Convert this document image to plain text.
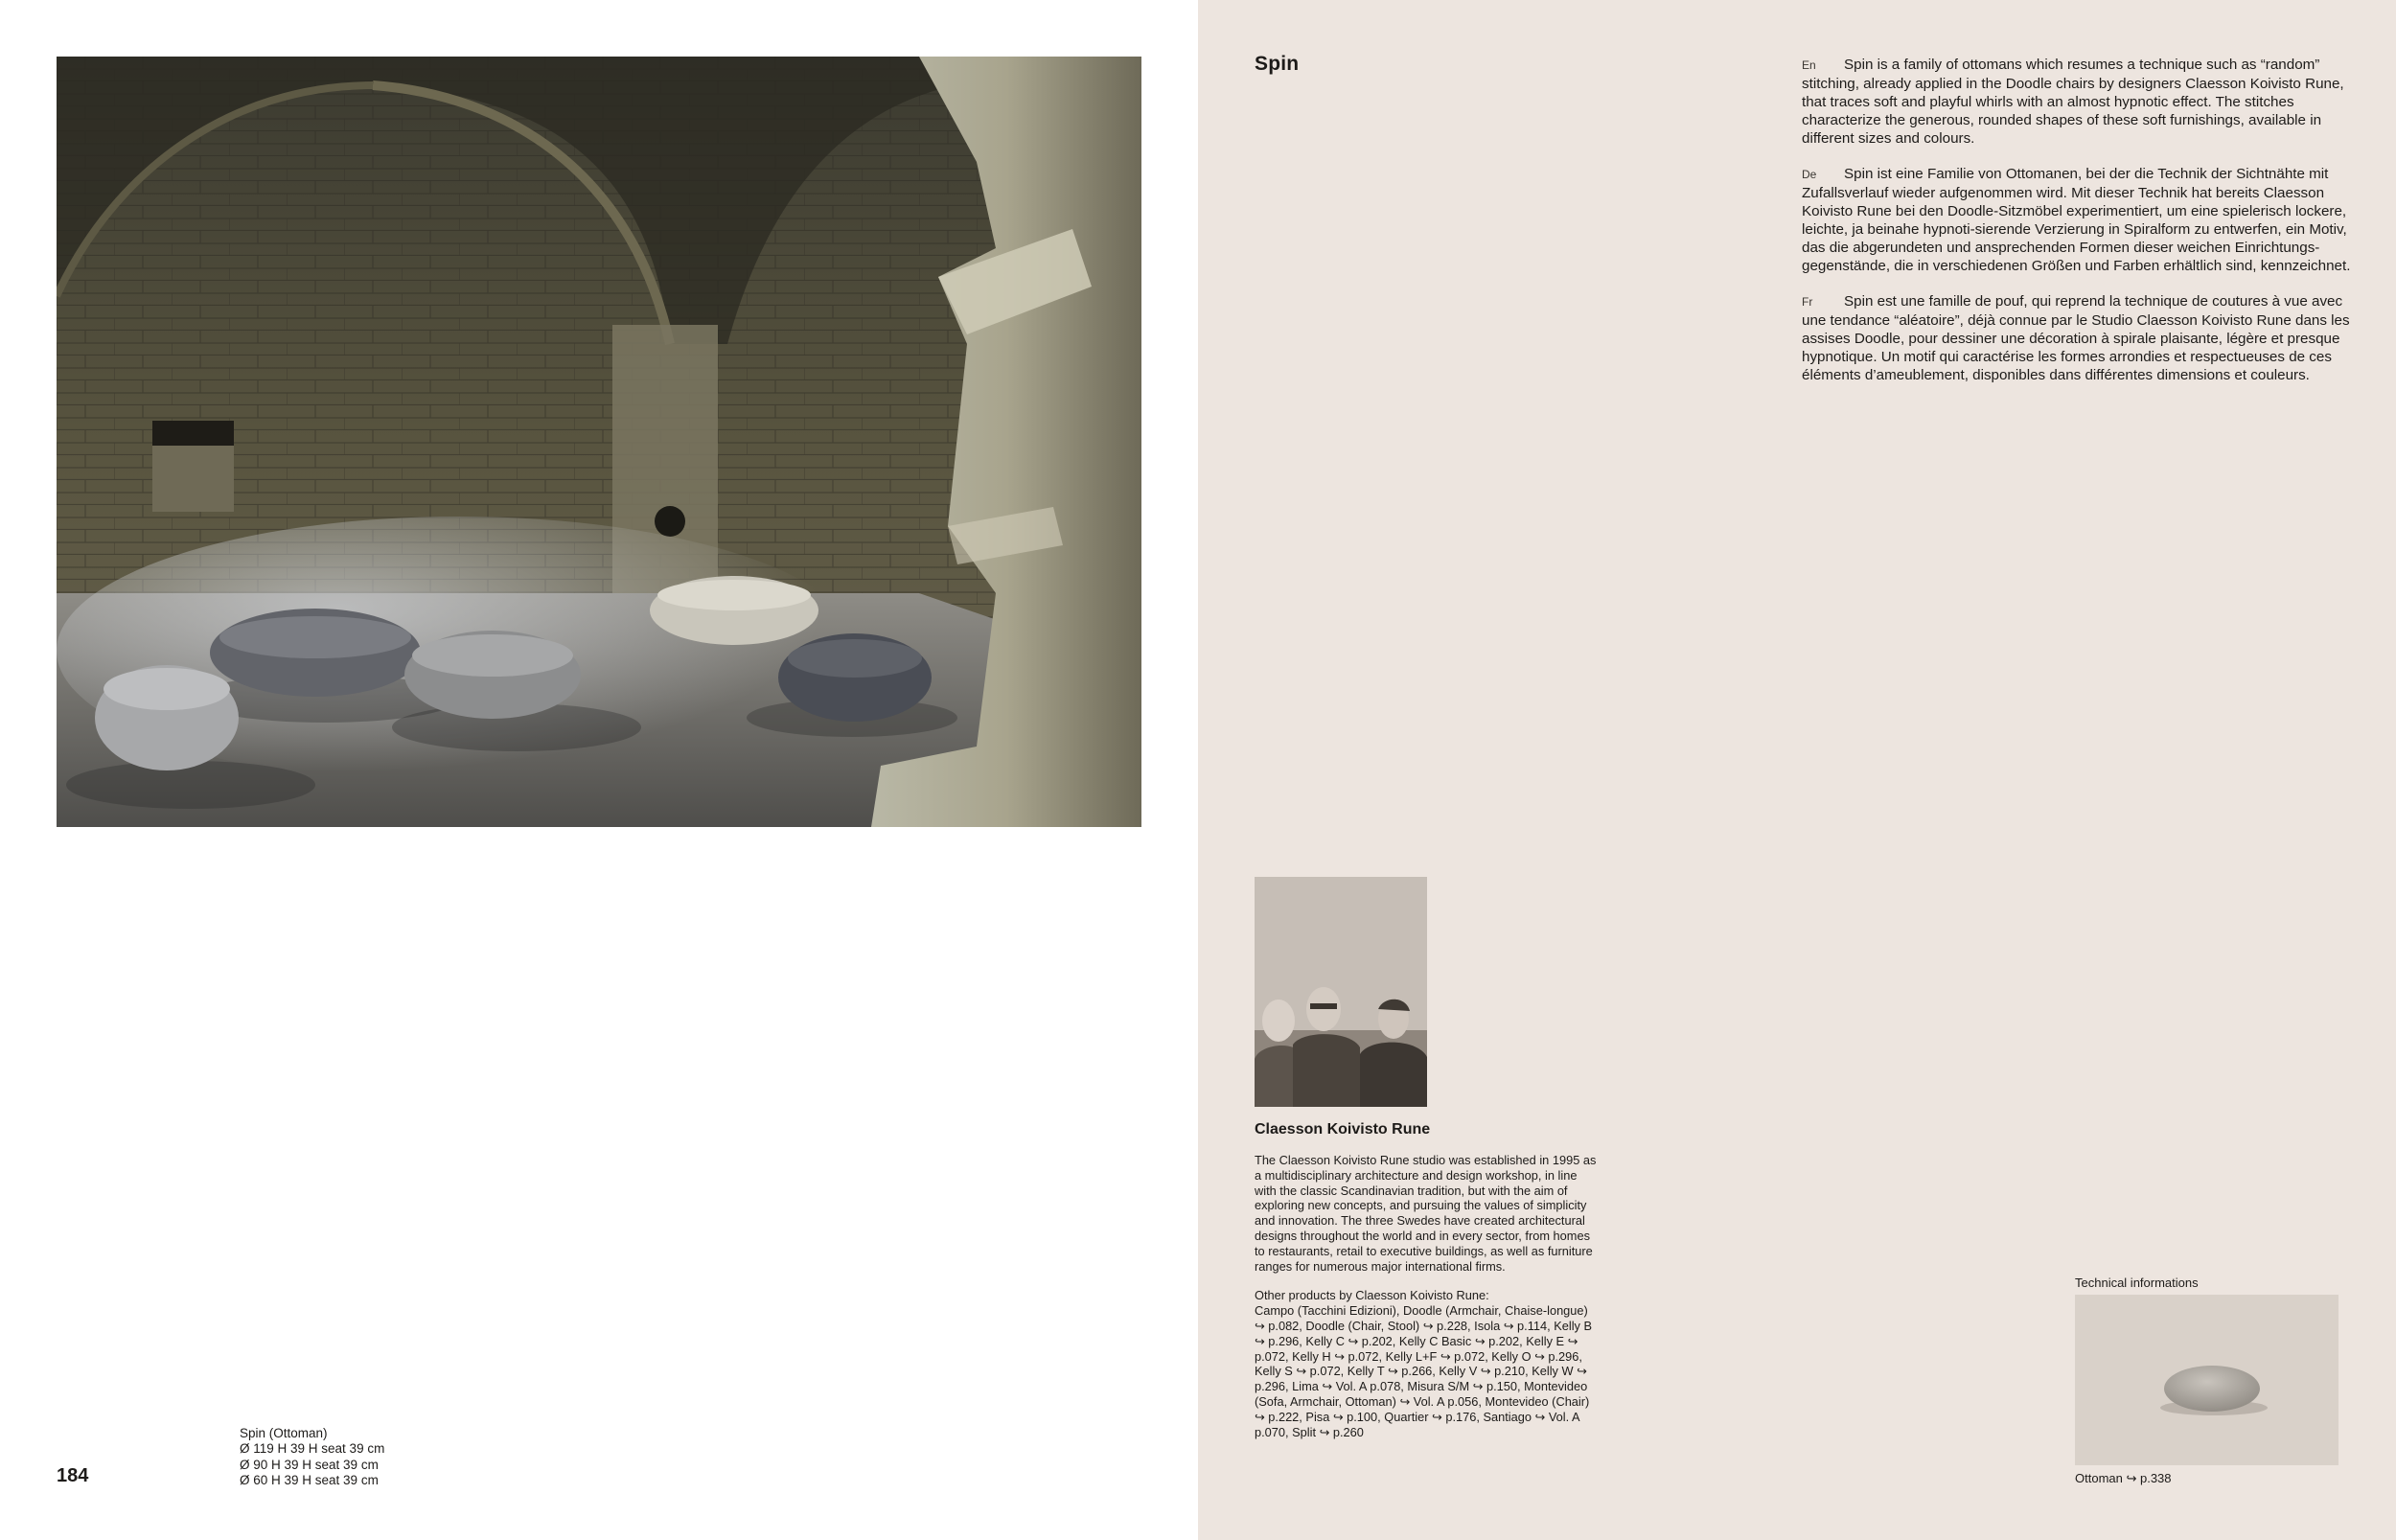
Spin (Ottoman)
Ø 119 H 39 H seat 39 cm
Ø 90 H 39 H seat 39 cm
Ø 60 H 39 H seat 39 cm
184
Spin	En Spin is a family of ottomans which resumes a technique such as “random” stitching, already applied in the Doodle chairs by designers Claesson Koivisto Rune, that traces soft and playful whirls with an almost hypnotic effect. The stitches characterize the generous, rounded shapes of these soft furnishings, available in different sizes and colours.

De Spin ist eine Familie von Ottomanen, bei der die Technik der Sichtnähte mit Zufallsverlauf wieder aufgenommen wird. Mit dieser Technik hat bereits Claesson Koivisto Rune bei den Doodle-Sitzmöbel experimentiert, um eine spielerisch lockere, leichte, ja beinahe hypnoti-sierende Verzierung in Spiralform zu entwerfen, ein Motiv, das die abgerundeten und ansprechenden Formen dieser weichen Einrichtungs-gegenstände, die in verschiedenen Größen und Farben erhältlich sind, kennzeichnet.

Fr Spin est une famille de pouf, qui reprend la technique de coutures à vue avec une tendance “aléatoire”, déjà connue par le Studio Claesson Koivisto Rune dans les assises Doodle, pour dessiner une décoration à spirale plaisante, légère et presque hypnotique. Un motif qui caractérise les formes arrondies et respectueuses de ces éléments d’ameublement, disponibles dans différentes dimensions et couleurs.

Claesson Koivisto Rune

The Claesson Koivisto Rune studio was established in 1995 as a multidisciplinary architecture and design workshop, in line with the classic Scandinavian tradition, but with the aim of exploring new concepts, and pursuing the values of simplicity and innovation. The three Swedes have created architectural designs throughout the world and in every sector, from homes to restaurants, retail to executive buildings, as well as furniture ranges for numerous major international firms.

Other products by Claesson Koivisto Rune:
Campo (Tacchini Edizioni), Doodle (Armchair, Chaise-longue) ↪ p.082, Doodle (Chair, Stool) ↪ p.228, Isola ↪ p.114, Kelly B ↪ p.296, Kelly C ↪ p.202, Kelly C Basic ↪ p.202, Kelly E ↪ p.072, Kelly H ↪ p.072, Kelly L+F ↪ p.072, Kelly O ↪ p.296, Kelly S ↪ p.072, Kelly T ↪ p.266, Kelly V ↪ p.210, Kelly W ↪ p.296, Lima ↪ Vol. A p.078, Misura S/M ↪ p.150, Montevideo (Sofa, Armchair, Ottoman) ↪ Vol. A p.056, Montevideo (Chair) ↪ p.222, Pisa ↪ p.100, Quartier ↪ p.176, Santiago ↪ Vol. A p.070, Split ↪ p.260

Technical informations
Ottoman ↪ p.338
